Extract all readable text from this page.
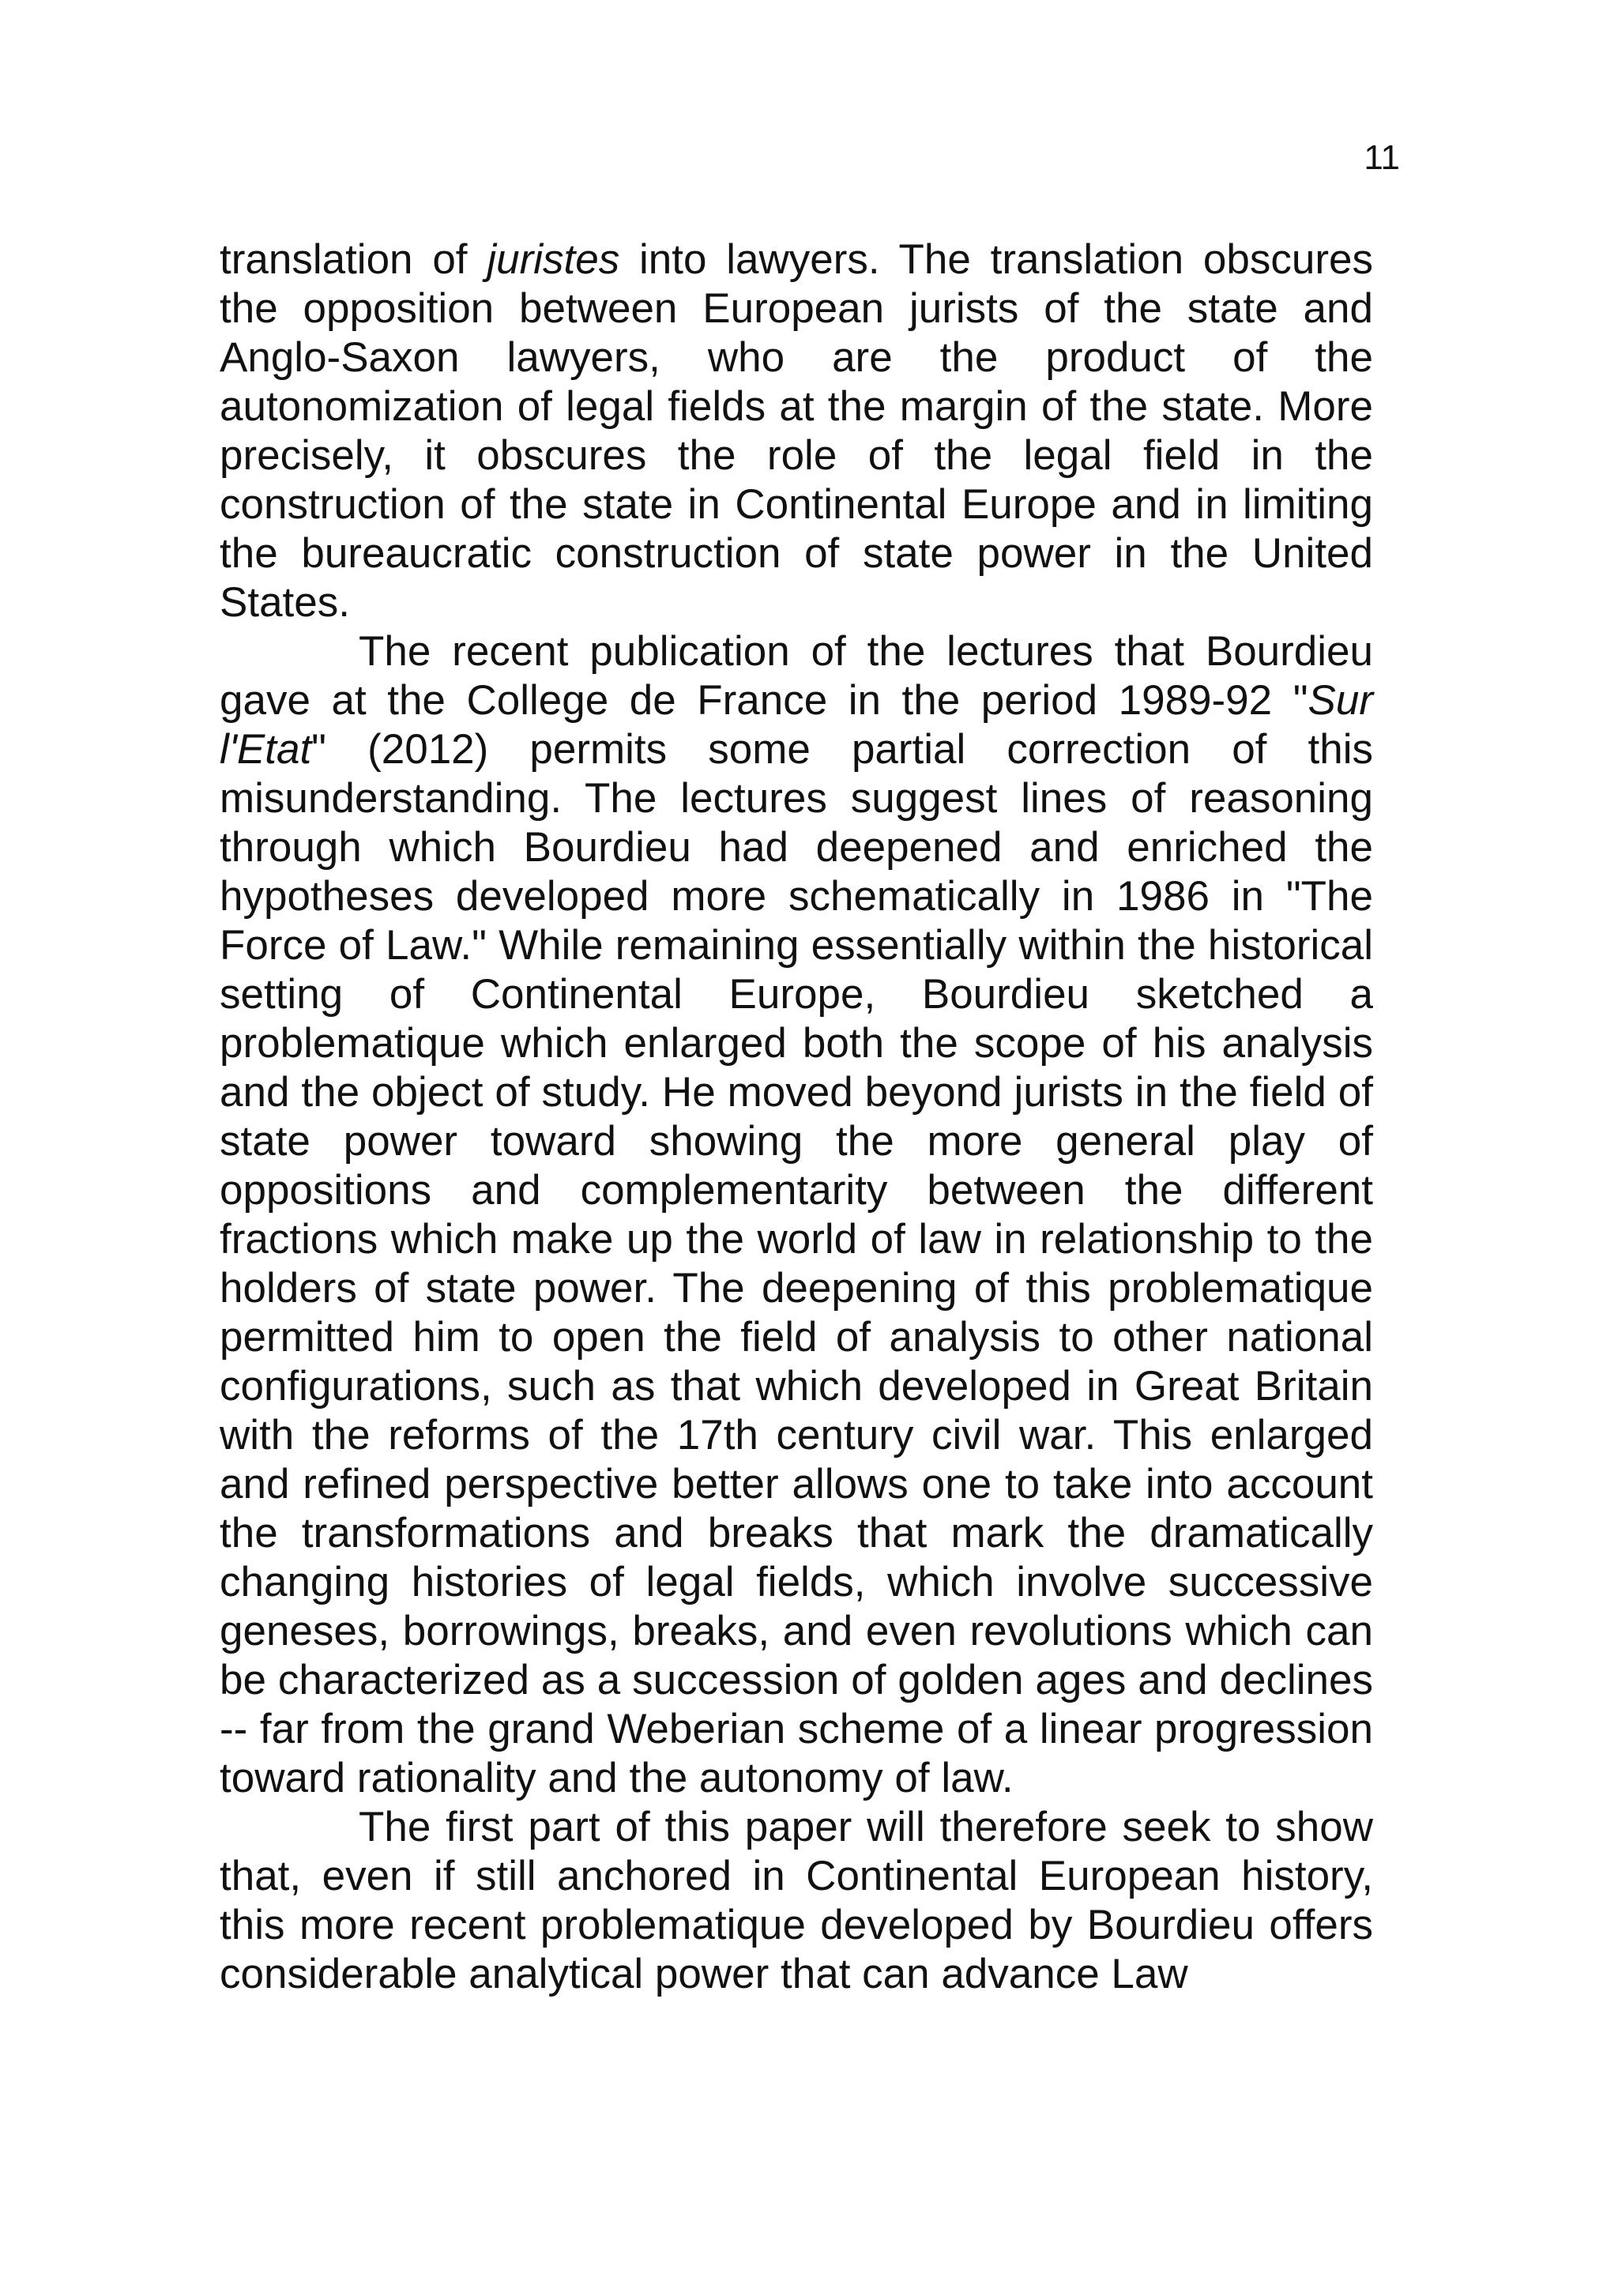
11

translation of juristes into lawyers. The translation obscures the opposition between European jurists of the state and Anglo-Saxon lawyers, who are the product of the autonomization of legal fields at the margin of the state. More precisely, it obscures the role of the legal field in the construction of the state in Continental Europe and in limiting the bureaucratic construction of state power in the United States.

The recent publication of the lectures that Bourdieu gave at the College de France in the period 1989-92 "Sur l'Etat" (2012) permits some partial correction of this misunderstanding. The lectures suggest lines of reasoning through which Bourdieu had deepened and enriched the hypotheses developed more schematically in 1986 in "The Force of Law." While remaining essentially within the historical setting of Continental Europe, Bourdieu sketched a problematique which enlarged both the scope of his analysis and the object of study. He moved beyond jurists in the field of state power toward showing the more general play of oppositions and complementarity between the different fractions which make up the world of law in relationship to the holders of state power. The deepening of this problematique permitted him to open the field of analysis to other national configurations, such as that which developed in Great Britain with the reforms of the 17th century civil war. This enlarged and refined perspective better allows one to take into account the transformations and breaks that mark the dramatically changing histories of legal fields, which involve successive geneses, borrowings, breaks, and even revolutions which can be characterized as a succession of golden ages and declines -- far from the grand Weberian scheme of a linear progression toward rationality and the autonomy of law.

The first part of this paper will therefore seek to show that, even if still anchored in Continental European history, this more recent problematique developed by Bourdieu offers considerable analytical power that can advance Law
